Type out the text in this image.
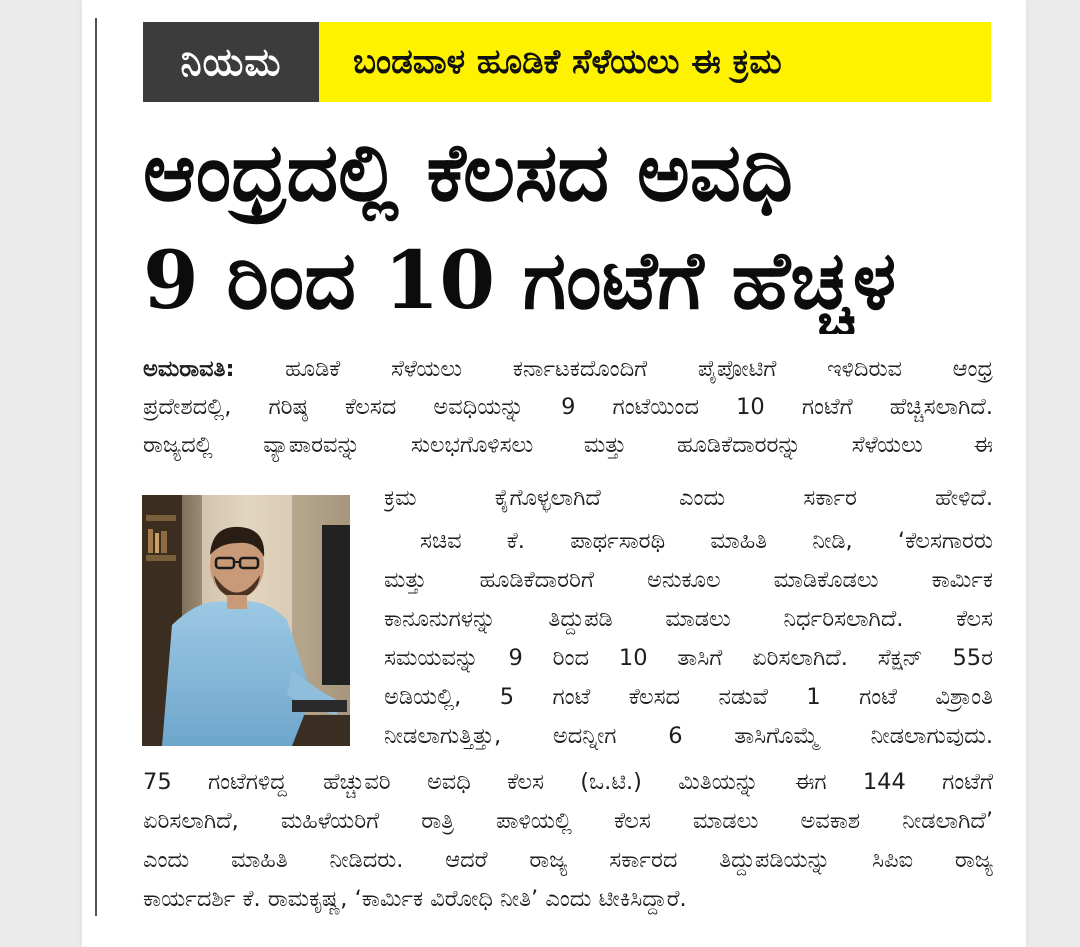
ನಿಯಮ	ಬಂಡವಾಳ ಹೂಡಿಕೆ ಸೆಳೆಯಲು ಈ ಕ್ರಮ
ಆಂಧ್ರದಲ್ಲಿ ಕೆಲಸದ ಅವಧಿ
9 ರಿಂದ 10 ಗಂಟೆಗೆ ಹೆಚ್ಚಳ
ಅಮರಾವತಿ: ಹೂಡಿಕೆ ಸೆಳೆಯಲು ಕರ್ನಾಟಕದೊಂದಿಗೆ ಪೈಪೋಟಿಗೆ ಇಳಿದಿರುವ ಆಂಧ್ರ
ಪ್ರದೇಶದಲ್ಲಿ, ಗರಿಷ್ಠ ಕೆಲಸದ ಅವಧಿಯನ್ನು 9 ಗಂಟೆಯಿಂದ 10 ಗಂಟೆಗೆ ಹೆಚ್ಚಿಸಲಾಗಿದೆ.
ರಾಜ್ಯದಲ್ಲಿ ವ್ಯಾಪಾರವನ್ನು ಸುಲಭಗೊಳಿಸಲು ಮತ್ತು ಹೂಡಿಕೆದಾರರನ್ನು ಸೆಳೆಯಲು ಈ
ಕ್ರಮ ಕೈಗೊಳ್ಳಲಾಗಿದೆ ಎಂದು ಸರ್ಕಾರ ಹೇಳಿದೆ.
ಸಚಿವ ಕೆ. ಪಾರ್ಥಸಾರಥಿ ಮಾಹಿತಿ ನೀಡಿ, ‘ಕೆಲಸಗಾರರು
ಮತ್ತು ಹೂಡಿಕೆದಾರರಿಗೆ ಅನುಕೂಲ ಮಾಡಿಕೊಡಲು ಕಾರ್ಮಿಕ
ಕಾನೂನುಗಳನ್ನು ತಿದ್ದುಪಡಿ ಮಾಡಲು ನಿರ್ಧರಿಸಲಾಗಿದೆ. ಕೆಲಸ
ಸಮಯವನ್ನು 9 ರಿಂದ 10 ತಾಸಿಗೆ ಏರಿಸಲಾಗಿದೆ. ಸೆಕ್ಷನ್ 55ರ
ಅಡಿಯಲ್ಲಿ, 5 ಗಂಟೆ ಕೆಲಸದ ನಡುವೆ 1 ಗಂಟೆ ವಿಶ್ರಾಂತಿ
ನೀಡಲಾಗುತ್ತಿತ್ತು, ಅದನ್ನೀಗ 6 ತಾಸಿಗೊಮ್ಮೆ ನೀಡಲಾಗುವುದು.
75 ಗಂಟೆಗಳಿದ್ದ ಹೆಚ್ಚುವರಿ ಅವಧಿ ಕೆಲಸ (ಒ.ಟಿ.) ಮಿತಿಯನ್ನು ಈಗ 144 ಗಂಟೆಗೆ
ಏರಿಸಲಾಗಿದೆ, ಮಹಿಳೆಯರಿಗೆ ರಾತ್ರಿ ಪಾಳಿಯಲ್ಲಿ ಕೆಲಸ ಮಾಡಲು ಅವಕಾಶ ನೀಡಲಾಗಿದೆ’
ಎಂದು ಮಾಹಿತಿ ನೀಡಿದರು. ಆದರೆ ರಾಜ್ಯ ಸರ್ಕಾರದ ತಿದ್ದುಪಡಿಯನ್ನು ಸಿಪಿಐ ರಾಜ್ಯ
ಕಾರ್ಯದರ್ಶಿ ಕೆ. ರಾಮಕೃಷ್ಣ, ‘ಕಾರ್ಮಿಕ ವಿರೋಧಿ ನೀತಿ’ ಎಂದು ಟೀಕಿಸಿದ್ದಾರೆ.
